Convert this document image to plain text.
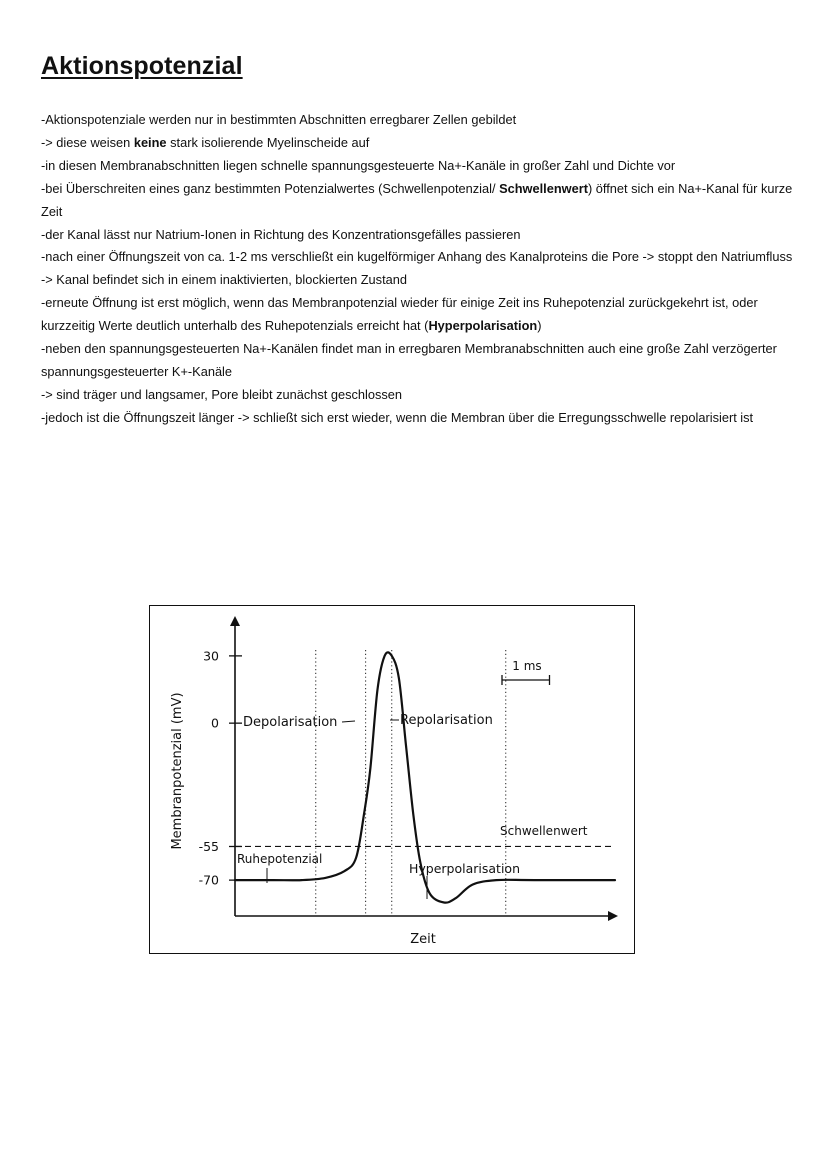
Aktionspotenzial

-Aktionspotenziale werden nur in bestimmten Abschnitten erregbarer Zellen gebildet

-> diese weisen keine stark isolierende Myelinscheide auf

-in diesen Membranabschnitten liegen schnelle spannungsgesteuerte Na+-Kanäle in großer Zahl und Dichte vor

-bei Überschreiten eines ganz bestimmten Potenzialwertes (Schwellenpotenzial/ Schwellenwert) öffnet sich ein Na+-Kanal für kurze Zeit

-der Kanal lässt nur Natrium-Ionen in Richtung des Konzentrationsgefälles passieren

-nach einer Öffnungszeit von ca. 1-2 ms verschließt ein kugelförmiger Anhang des Kanalproteins die Pore -> stoppt den Natriumfluss

-> Kanal befindet sich in einem inaktivierten, blockierten Zustand

-erneute Öffnung ist erst möglich, wenn das Membranpotenzial wieder für einige Zeit ins Ruhepotenzial zurückgekehrt ist, oder kurzzeitig Werte deutlich unterhalb des Ruhepotenzials erreicht hat (Hyperpolarisation)

-neben den spannungsgesteuerten Na+-Kanälen findet man in erregbaren Membranabschnitten auch eine große Zahl verzögerter spannungsgesteuerter K+-Kanäle

-> sind träger und langsamer, Pore bleibt zunächst geschlossen

-jedoch ist die Öffnungszeit länger -> schließt sich erst wieder, wenn die Membran über die Erregungsschwelle repolarisiert ist

30
0
-55
-70
Membranpotenzial (mV)
Zeit
Depolarisation	Repolarisation
Ruhepotenzial
Hyperpolarisation
Schwellenwert
1 ms
